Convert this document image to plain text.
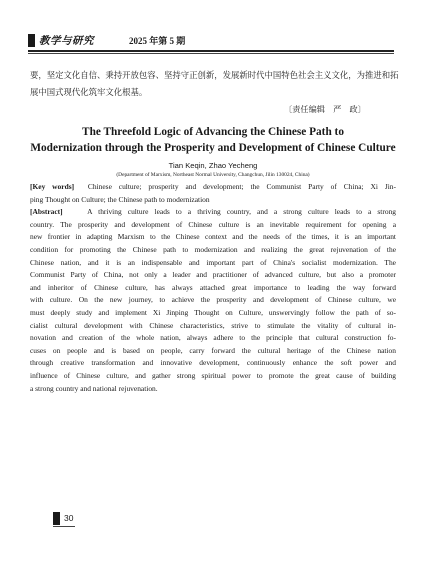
教学与研究	2025 年第 5 期
要，坚定文化自信、秉持开放包容、坚持守正创新，发展新时代中国特色社会主义文化，为推进和拓
展中国式现代化筑牢文化根基。
〔责任编辑　严　政〕
The Threefold Logic of Advancing the Chinese Path to
Modernization through the Prosperity and Development of Chinese Culture
Tian Keqin, Zhao Yecheng
(Department of Marxism, Northeast Normal University, Changchun, Jilin 130024, China)
[Key words] Chinese culture; prosperity and development; the Communist Party of China; Xi Jin-
ping Thought on Culture; the Chinese path to modernization
[Abstract]	A thriving culture leads to a thriving country, and a strong culture leads to a strong
country. The prosperity and development of Chinese culture is an inevitable requirement for opening a
new frontier in adapting Marxism to the Chinese context and the needs of the times, it is an important
condition for promoting the Chinese path to modernization and realizing the great rejuvenation of the
Chinese nation, and it is an indispensable and important part of China's socialist modernization. The
Communist Party of China, not only a leader and practitioner of advanced culture, but also a promoter
and inheritor of Chinese culture, has always attached great importance to leading the way forward
with culture. On the new journey, to achieve the prosperity and development of Chinese culture, we
must deeply study and implement Xi Jinping Thought on Culture, unswervingly follow the path of so-
cialist cultural development with Chinese characteristics, strive to stimulate the vitality of cultural in-
novation and creation of the whole nation, always adhere to the principle that cultural construction fo-
cuses on people and is based on people, carry forward the cultural heritage of the Chinese nation
through creative transformation and innovative development, continuously enhance the soft power and
influence of Chinese culture, and gather strong spiritual power to promote the great cause of building
a strong country and national rejuvenation.
30
